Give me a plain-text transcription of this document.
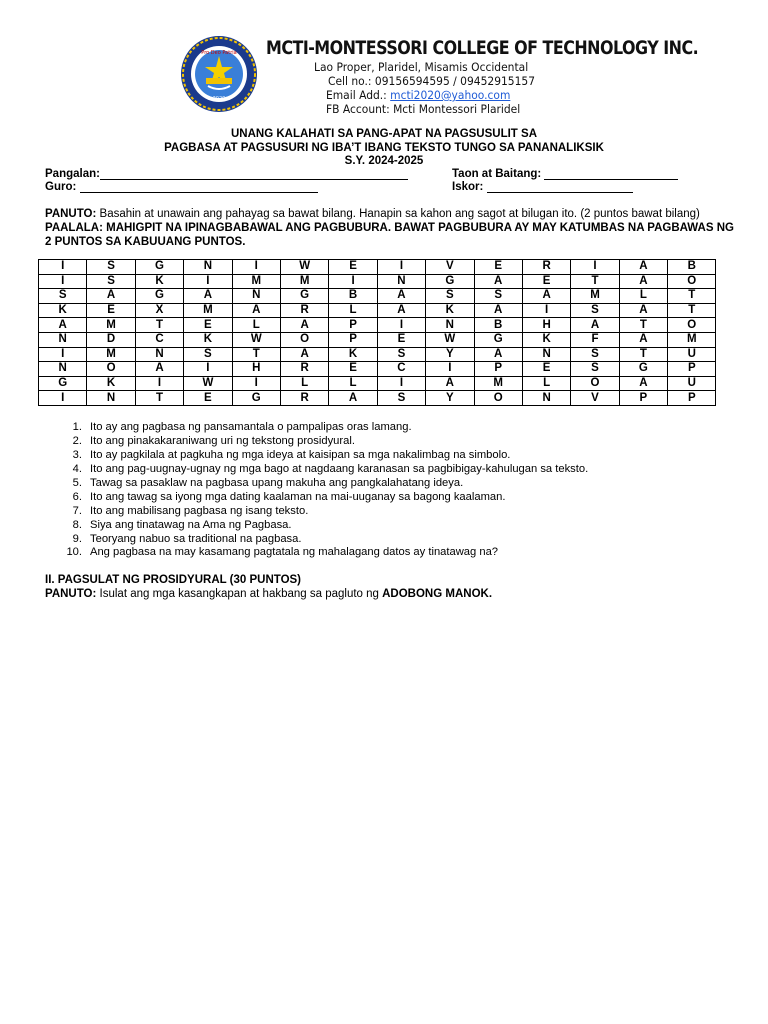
Pro Deo Patria
2020
MCTI-MONTESSORI COLLEGE OF TECHNOLOGY INC.
Lao Proper, Plaridel, Misamis Occidental
Cell no.: 09156594595 / 09452915157
Email Add.: mcti2020@yahoo.com
FB Account: Mcti Montessori Plaridel
UNANG KALAHATI SA PANG-APAT NA PAGSUSULIT SA
PAGBASA AT PAGSUSURI NG IBA’T IBANG TEKSTO TUNGO SA PANANALIKSIK
S.Y. 2024-2025
Pangalan:
Guro:
Taon at Baitang:
Iskor:
PANUTO: Basahin at unawain ang pahayag sa bawat bilang. Hanapin sa kahon ang sagot at bilugan ito. (2 puntos bawat bilang)
PAALALA: MAHIGPIT NA IPINAGBABAWAL ANG PAGBUBURA. BAWAT PAGBUBURA AY MAY KATUMBAS NA PAGBAWAS NG 2 PUNTOS SA KABUUANG PUNTOS.
I	S	G	N	I	W	E	I	V	E	R	I	A	B
I	S	K	I	M	M	I	N	G	A	E	T	A	O
S	A	G	A	N	G	B	A	S	S	A	M	L	T
K	E	X	M	A	R	L	A	K	A	I	S	A	T
A	M	T	E	L	A	P	I	N	B	H	A	T	O
N	D	C	K	W	O	P	E	W	G	K	F	A	M
I	M	N	S	T	A	K	S	Y	A	N	S	T	U
N	O	A	I	H	R	E	C	I	P	E	S	G	P
G	K	I	W	I	L	L	I	A	M	L	O	A	U
I	N	T	E	G	R	A	S	Y	O	N	V	P	P
1. Ito ay ang pagbasa ng pansamantala o pampalipas oras lamang.
2. Ito ang pinakakaraniwang uri ng tekstong prosidyural.
3. Ito ay pagkilala at pagkuha ng mga ideya at kaisipan sa mga nakalimbag na simbolo.
4. Ito ang pag-uugnay-ugnay ng mga bago at nagdaang karanasan sa pagbibigay-kahulugan sa teksto.
5. Tawag sa pasaklaw na pagbasa upang makuha ang pangkalahatang ideya.
6. Ito ang tawag sa iyong mga dating kaalaman na mai-uuganay sa bagong kaalaman.
7. Ito ang mabilisang pagbasa ng isang teksto.
8. Siya ang tinatawag na Ama ng Pagbasa.
9. Teoryang nabuo sa traditional na pagbasa.
10. Ang pagbasa na may kasamang pagtatala ng mahalagang datos ay tinatawag na?
II. PAGSULAT NG PROSIDYURAL (30 PUNTOS)
PANUTO: Isulat ang mga kasangkapan at hakbang sa pagluto ng ADOBONG MANOK.
